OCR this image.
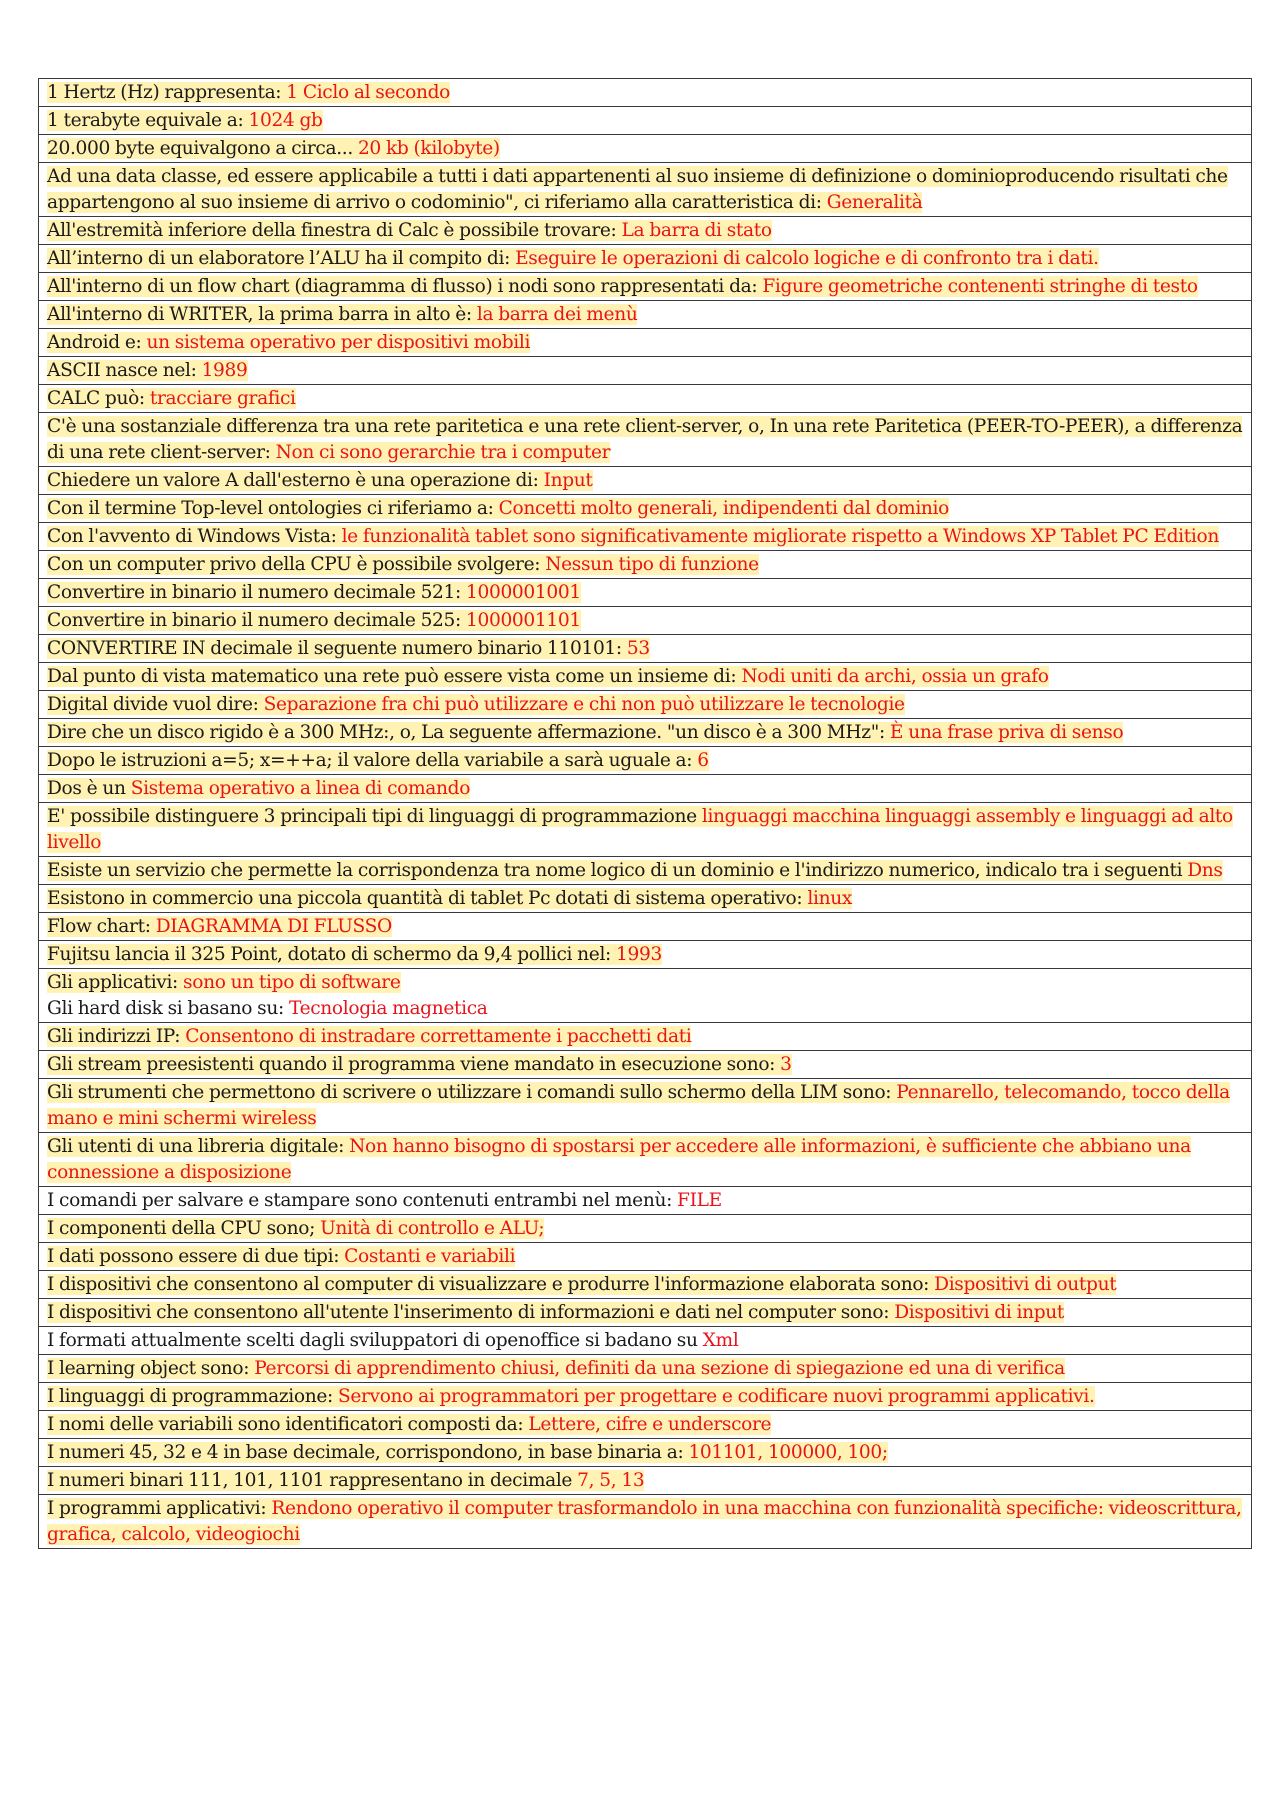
1 Hertz (Hz) rappresenta: 1 Ciclo al secondo
1 terabyte equivale a: 1024 gb
20.000 byte equivalgono a circa... 20 kb (kilobyte)
Ad una data classe, ed essere applicabile a tutti i dati appartenenti al suo insieme di definizione o dominioproducendo risultati che appartengono al suo insieme di arrivo o codominio", ci riferiamo alla caratteristica di: Generalità
All'estremità inferiore della finestra di Calc è possibile trovare: La barra di stato
All’interno di un elaboratore l’ALU ha il compito di: Eseguire le operazioni di calcolo logiche e di confronto tra i dati.
All'interno di un flow chart (diagramma di flusso) i nodi sono rappresentati da: Figure geometriche contenenti stringhe di testo
All'interno di WRITER, la prima barra in alto è: la barra dei menù
Android e: un sistema operativo per dispositivi mobili
ASCII nasce nel: 1989
CALC può: tracciare grafici
C'è una sostanziale differenza tra una rete paritetica e una rete client-server, o, In una rete Paritetica (PEER-TO-PEER), a differenza di una rete client-server: Non ci sono gerarchie tra i computer
Chiedere un valore A dall'esterno è una operazione di: Input
Con il termine Top-level ontologies ci riferiamo a: Concetti molto generali, indipendenti dal dominio
Con l'avvento di Windows Vista: le funzionalità tablet sono significativamente migliorate rispetto a Windows XP Tablet PC Edition
Con un computer privo della CPU è possibile svolgere: Nessun tipo di funzione
Convertire in binario il numero decimale 521: 1000001001
Convertire in binario il numero decimale 525: 1000001101
CONVERTIRE IN decimale il seguente numero binario 110101: 53
Dal punto di vista matematico una rete può essere vista come un insieme di: Nodi uniti da archi, ossia un grafo
Digital divide vuol dire: Separazione fra chi può utilizzare e chi non può utilizzare le tecnologie
Dire che un disco rigido è a 300 MHz:, o, La seguente affermazione. "un disco è a 300 MHz": È una frase priva di senso
Dopo le istruzioni a=5; x=++a; il valore della variabile a sarà uguale a: 6
Dos è un Sistema operativo a linea di comando
E' possibile distinguere 3 principali tipi di linguaggi di programmazione linguaggi macchina linguaggi assembly e linguaggi ad alto livello
Esiste un servizio che permette la corrispondenza tra nome logico di un dominio e l'indirizzo numerico, indicalo tra i seguenti Dns
Esistono in commercio una piccola quantità di tablet Pc dotati di sistema operativo: linux
Flow chart: DIAGRAMMA DI FLUSSO
Fujitsu lancia il 325 Point, dotato di schermo da 9,4 pollici nel: 1993
Gli applicativi: sono un tipo di software
Gli hard disk si basano su: Tecnologia magnetica

Gli indirizzi IP: Consentono di instradare correttamente i pacchetti dati
Gli stream preesistenti quando il programma viene mandato in esecuzione sono: 3
Gli strumenti che permettono di scrivere o utilizzare i comandi sullo schermo della LIM sono: Pennarello, telecomando, tocco della mano e mini schermi wireless
Gli utenti di una libreria digitale: Non hanno bisogno di spostarsi per accedere alle informazioni, è sufficiente che abbiano una connessione a disposizione
I comandi per salvare e stampare sono contenuti entrambi nel menù: FILE
I componenti della CPU sono; Unità di controllo e ALU;
I dati possono essere di due tipi: Costanti e variabili
I dispositivi che consentono al computer di visualizzare e produrre l'informazione elaborata sono: Dispositivi di output
I dispositivi che consentono all'utente l'inserimento di informazioni e dati nel computer sono: Dispositivi di input
I formati attualmente scelti dagli sviluppatori di openoffice si badano su Xml
I learning object sono: Percorsi di apprendimento chiusi, definiti da una sezione di spiegazione ed una di verifica
I linguaggi di programmazione: Servono ai programmatori per progettare e codificare nuovi programmi applicativi.
I nomi delle variabili sono identificatori composti da: Lettere, cifre e underscore
I numeri 45, 32 e 4 in base decimale, corrispondono, in base binaria a: 101101, 100000, 100;
I numeri binari 111, 101, 1101 rappresentano in decimale 7, 5, 13
I programmi applicativi: Rendono operativo il computer trasformandolo in una macchina con funzionalità specifiche: videoscrittura, grafica, calcolo, videogiochi
